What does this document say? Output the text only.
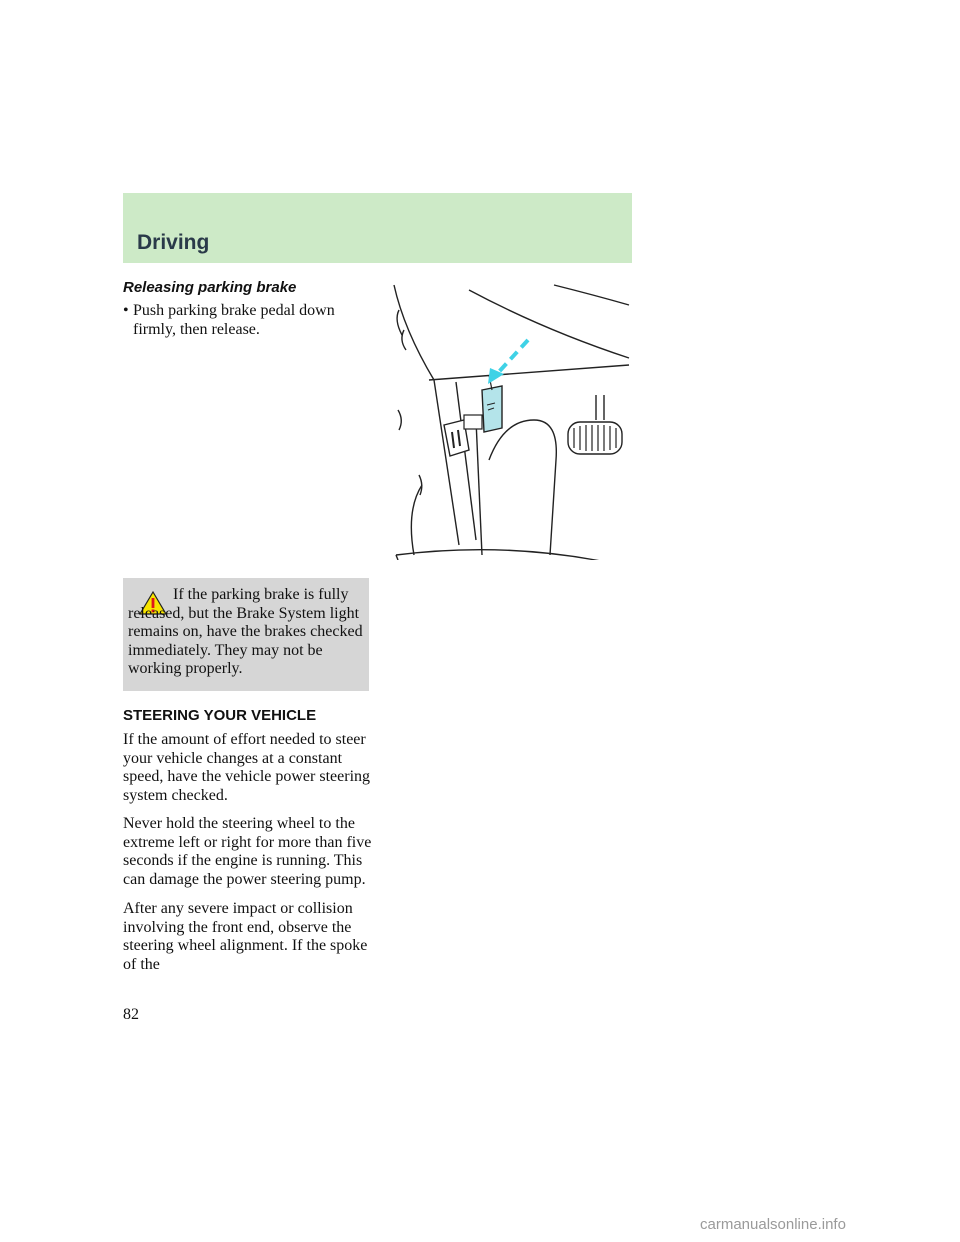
Driving
Releasing parking brake
• Push parking brake pedal down firmly, then release.
If the parking brake is fully released, but the Brake System light remains on, have the brakes checked immediately. They may not be working properly.
STEERING YOUR VEHICLE

If the amount of effort needed to steer your vehicle changes at a constant speed, have the vehicle power steering system checked.

Never hold the steering wheel to the extreme left or right for more than five seconds if the engine is running. This can damage the power steering pump.

After any severe impact or collision involving the front end, observe the steering wheel alignment. If the spoke of the

82
carmanualsonline.info
